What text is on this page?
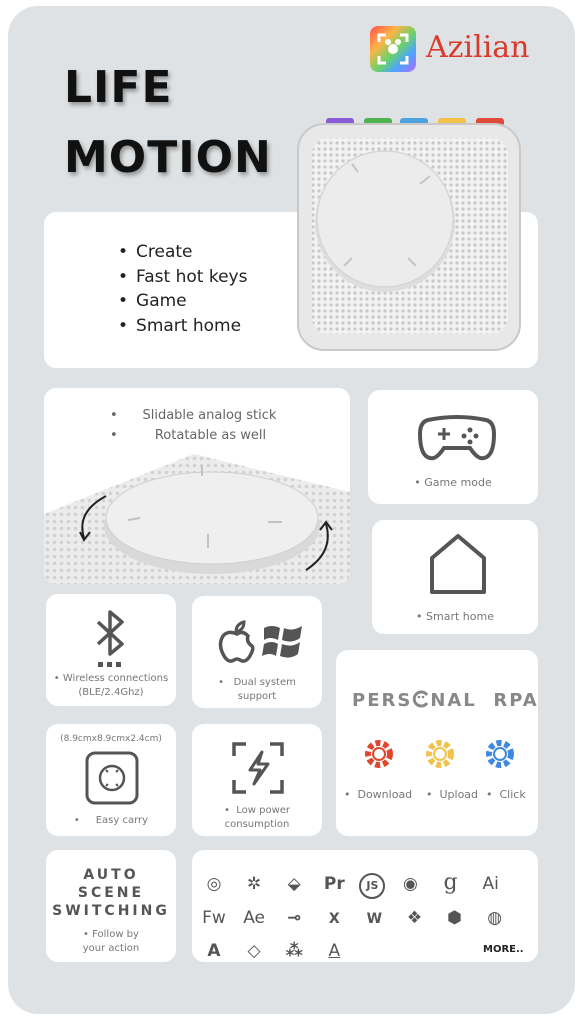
Azilian
LIFE
MOTION
• Create
• Fast hot keys
• Game
• Smart home
•      Slidable analog stick
•         Rotatable as well
• Game mode
• Smart home
• Wireless connections
(BLE/2.4Ghz)
•   Dual system
support	PERS NAL RPA
•  Download	•  Upload •  Click
(8.9cmx8.9cmx2.4cm)
•     Easy carry
•  Low power
consumption
AUTO
SCENE
SWITCHING
• Follow by
your action
◎ ✲ ⬙ Pr JS ◉ g Ai Fw Ae ⊸ X W ❖ ⬢ ◍ A ◇ ⁂ A	MORE..
